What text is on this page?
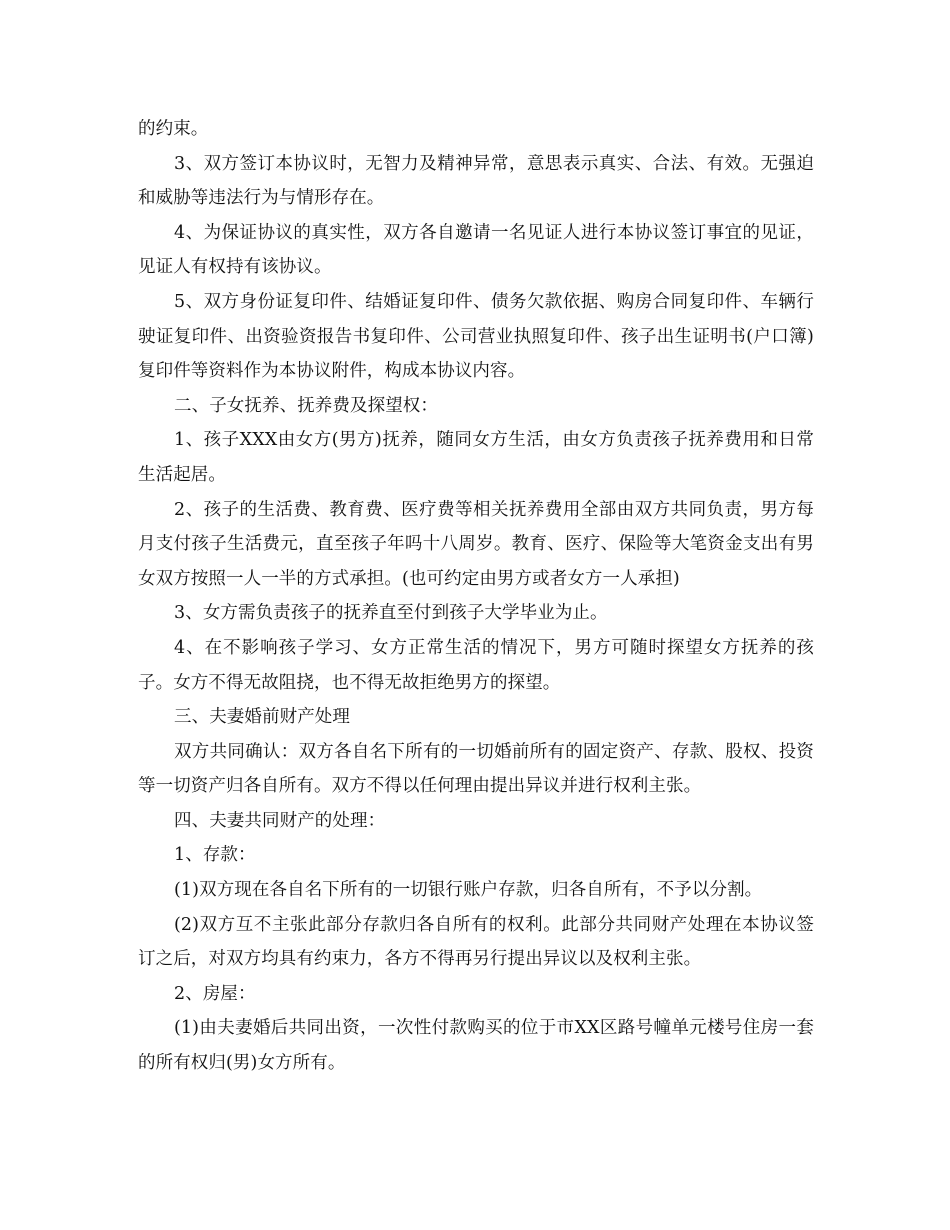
的约束。

3、双方签订本协议时，无智力及精神异常，意思表示真实、合法、有效。无强迫和威胁等违法行为与情形存在。

4、为保证协议的真实性，双方各自邀请一名见证人进行本协议签订事宜的见证，见证人有权持有该协议。

5、双方身份证复印件、结婚证复印件、债务欠款依据、购房合同复印件、车辆行驶证复印件、出资验资报告书复印件、公司营业执照复印件、孩子出生证明书(户口簿)复印件等资料作为本协议附件，构成本协议内容。

二、子女抚养、抚养费及探望权：

1、孩子XXX由女方(男方)抚养，随同女方生活，由女方负责孩子抚养费用和日常生活起居。

2、孩子的生活费、教育费、医疗费等相关抚养费用全部由双方共同负责，男方每月支付孩子生活费元，直至孩子年吗十八周岁。教育、医疗、保险等大笔资金支出有男女双方按照一人一半的方式承担。(也可约定由男方或者女方一人承担)

3、女方需负责孩子的抚养直至付到孩子大学毕业为止。

4、在不影响孩子学习、女方正常生活的情况下，男方可随时探望女方抚养的孩子。女方不得无故阻挠，也不得无故拒绝男方的探望。

三、夫妻婚前财产处理

双方共同确认：双方各自名下所有的一切婚前所有的固定资产、存款、股权、投资等一切资产归各自所有。双方不得以任何理由提出异议并进行权利主张。

四、夫妻共同财产的处理：

1、存款：

(1)双方现在各自名下所有的一切银行账户存款，归各自所有，不予以分割。

(2)双方互不主张此部分存款归各自所有的权利。此部分共同财产处理在本协议签订之后，对双方均具有约束力，各方不得再另行提出异议以及权利主张。

2、房屋：

(1)由夫妻婚后共同出资，一次性付款购买的位于市XX区路号幢单元楼号住房一套的所有权归(男)女方所有。
